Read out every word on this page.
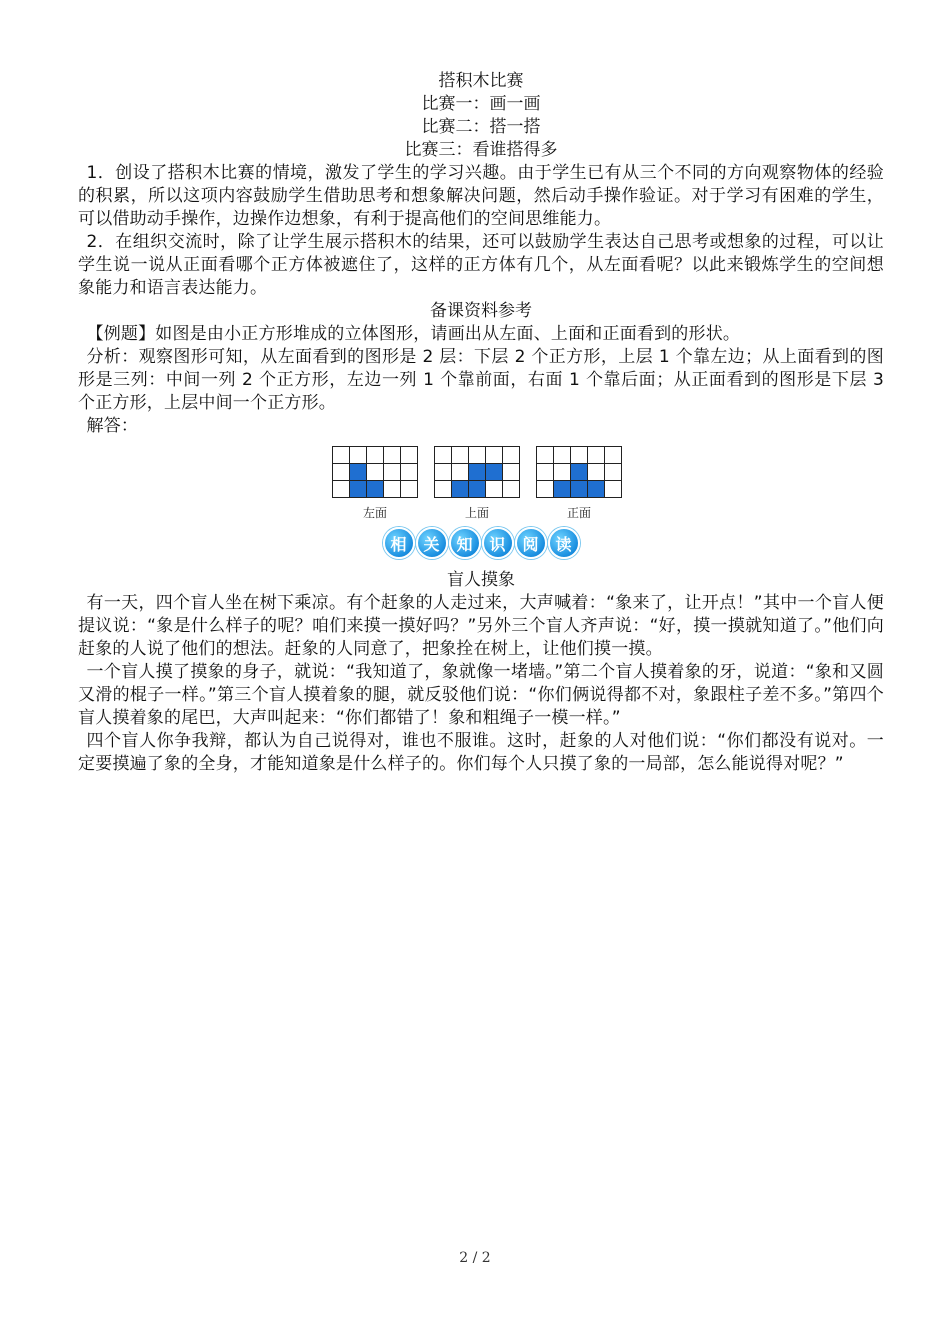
搭积木比赛
比赛一：画一画
比赛二：搭一搭
比赛三：看谁搭得多

1．创设了搭积木比赛的情境，激发了学生的学习兴趣。由于学生已有从三个不同的方向观察物体的经验的积累，所以这项内容鼓励学生借助思考和想象解决问题，然后动手操作验证。对于学习有困难的学生，可以借助动手操作，边操作边想象，有利于提高他们的空间思维能力。

2．在组织交流时，除了让学生展示搭积木的结果，还可以鼓励学生表达自己思考或想象的过程，可以让学生说一说从正面看哪个正方体被遮住了，这样的正方体有几个，从左面看呢？以此来锻炼学生的空间想象能力和语言表达能力。

备课资料参考

【例题】如图是由小正方形堆成的立体图形，请画出从左面、上面和正面看到的形状。

分析：观察图形可知，从左面看到的图形是 2 层：下层 2 个正方形，上层 1 个靠左边；从上面看到的图形是三列：中间一列 2 个正方形，左边一列 1 个靠前面，右面 1 个靠后面；从正面看到的图形是下层 3 个正方形，上层中间一个正方形。

解答：

左面	上面	正面
相	关	知	识	阅	读
盲人摸象

有一天，四个盲人坐在树下乘凉。有个赶象的人走过来，大声喊着：“象来了，让开点！”其中一个盲人便提议说：“象是什么样子的呢？咱们来摸一摸好吗？”另外三个盲人齐声说：“好，摸一摸就知道了。”他们向赶象的人说了他们的想法。赶象的人同意了，把象拴在树上，让他们摸一摸。

一个盲人摸了摸象的身子，就说：“我知道了，象就像一堵墙。”第二个盲人摸着象的牙，说道：“象和又圆又滑的棍子一样。”第三个盲人摸着象的腿，就反驳他们说：“你们俩说得都不对，象跟柱子差不多。”第四个盲人摸着象的尾巴，大声叫起来：“你们都错了！象和粗绳子一模一样。”

四个盲人你争我辩，都认为自己说得对，谁也不服谁。这时，赶象的人对他们说：“你们都没有说对。一定要摸遍了象的全身，才能知道象是什么样子的。你们每个人只摸了象的一局部，怎么能说得对呢？”

2 / 2
